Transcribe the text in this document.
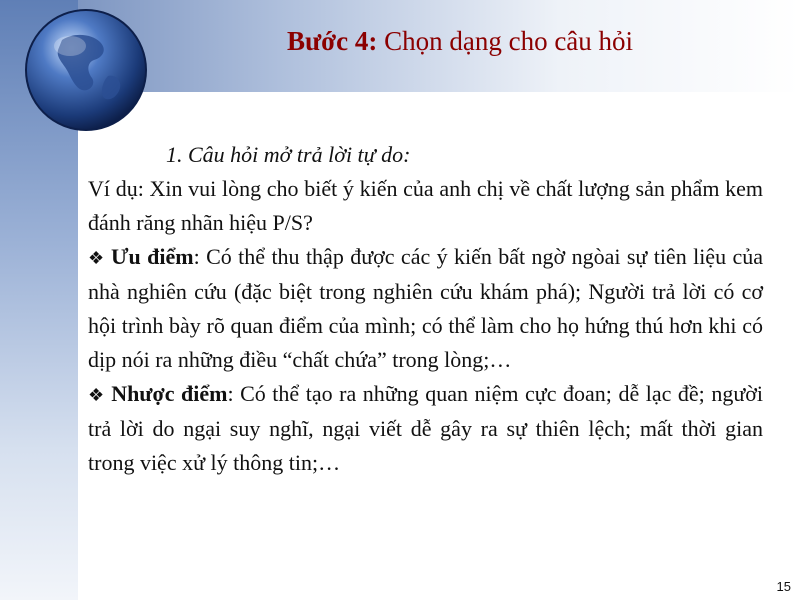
Bước 4: Chọn dạng cho câu hỏi

1. Câu hỏi mở trả lời tự do:

Ví dụ: Xin vui lòng cho biết ý kiến của anh chị về chất lượng sản phẩm kem đánh răng nhãn hiệu P/S?

❖ Ưu điểm: Có thể thu thập được các ý kiến bất ngờ ngòai sự tiên liệu của nhà nghiên cứu (đặc biệt trong nghiên cứu khám phá); Người trả lời có cơ hội trình bày rõ quan điểm của mình; có thể làm cho họ hứng thú hơn khi có dịp nói ra những điều “chất chứa” trong lòng;…

❖ Nhược điểm: Có thể tạo ra những quan niệm cực đoan; dễ lạc đề; người trả lời do ngại suy nghĩ, ngại viết dễ gây ra sự thiên lệch; mất thời gian trong việc xử lý thông tin;…

15
